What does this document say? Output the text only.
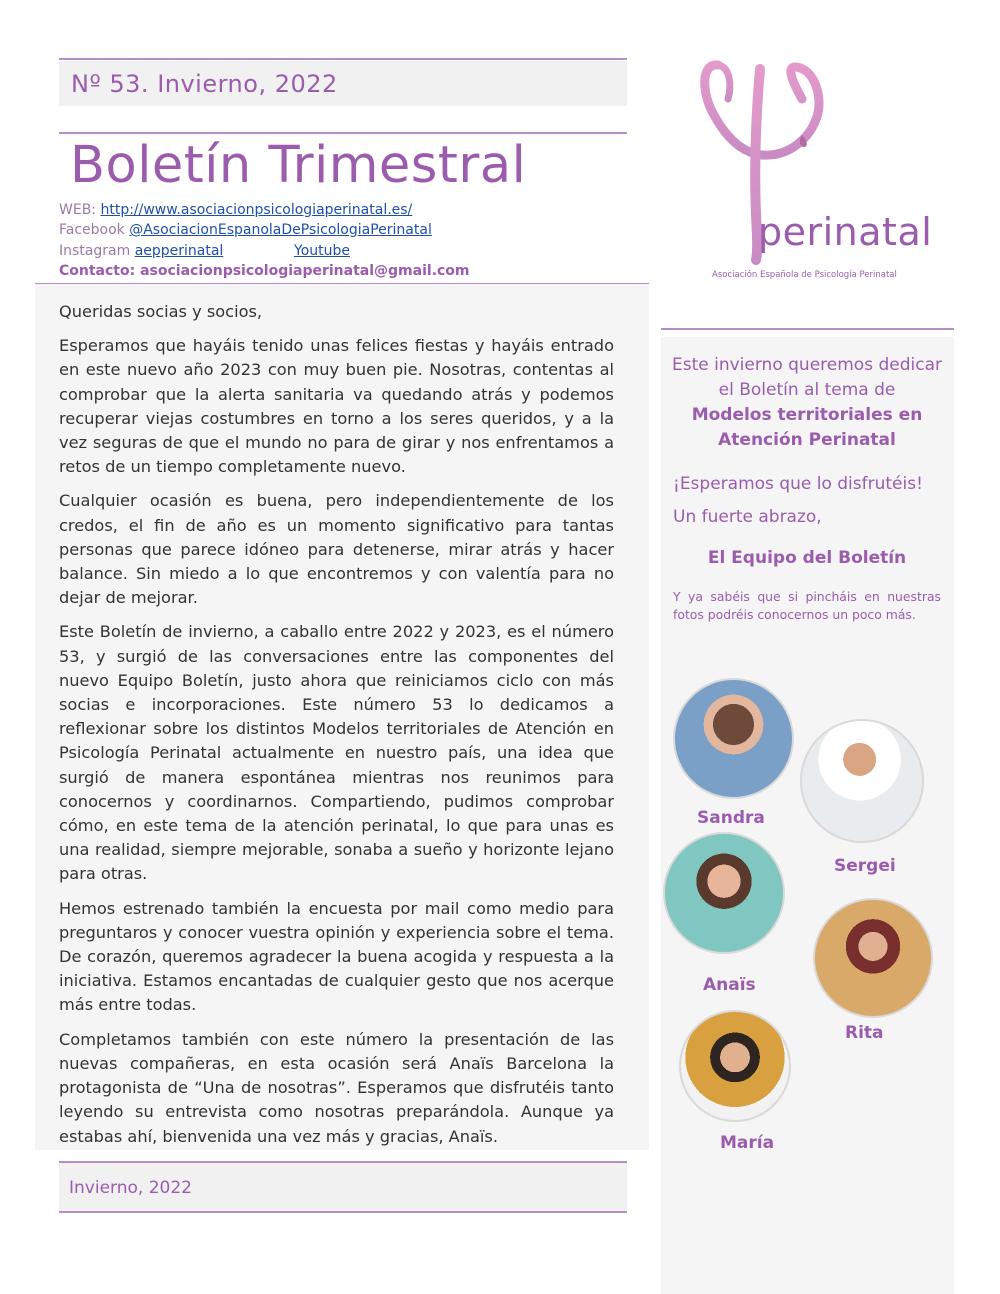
Nº 53. Invierno, 2022
Boletín Trimestral
WEB: http://www.asociacionpsicologiaperinatal.es/
Facebook @AsociacionEspanolaDePsicologiaPerinatal
Instagram aepperinatal	Youtube
Contacto: asociacionpsicologiaperinatal@gmail.com
perinatal
Asociación Española de Psicología Perinatal

Queridas socias y socios,

Esperamos que hayáis tenido unas felices fiestas y hayáis entrado en este nuevo año 2023 con muy buen pie. Nosotras, contentas al comprobar que la alerta sanitaria va quedando atrás y podemos recuperar viejas costumbres en torno a los seres queridos, y a la vez seguras de que el mundo no para de girar y nos enfrentamos a retos de un tiempo completamente nuevo.

Cualquier ocasión es buena, pero independientemente de los credos, el fin de año es un momento significativo para tantas personas que parece idóneo para detenerse, mirar atrás y hacer balance. Sin miedo a lo que encontremos y con valentía para no dejar de mejorar.

Este Boletín de invierno, a caballo entre 2022 y 2023, es el número 53, y surgió de las conversaciones entre las componentes del nuevo Equipo Boletín, justo ahora que reiniciamos ciclo con más socias e incorporaciones. Este número 53 lo dedicamos a reflexionar sobre los distintos Modelos territoriales de Atención en Psicología Perinatal actualmente en nuestro país, una idea que surgió de manera espontánea mientras nos reunimos para conocernos y coordinarnos. Compartiendo, pudimos comprobar cómo, en este tema de la atención perinatal, lo que para unas es una realidad, siempre mejorable, sonaba a sueño y horizonte lejano para otras.

Hemos estrenado también la encuesta por mail como medio para preguntaros y conocer vuestra opinión y experiencia sobre el tema. De corazón, queremos agradecer la buena acogida y respuesta a la iniciativa. Estamos encantadas de cualquier gesto que nos acerque más entre todas.

Completamos también con este número la presentación de las nuevas compañeras, en esta ocasión será Anaïs Barcelona la protagonista de “Una de nosotras”. Esperamos que disfrutéis tanto leyendo su entrevista como nosotras preparándola. Aunque ya estabas ahí, bienvenida una vez más y gracias, Anaïs.

Invierno, 2022
Este invierno queremos dedicar el Boletín al tema de
Modelos territoriales en Atención Perinatal
¡Esperamos que lo disfrutéis!
Un fuerte abrazo,
El Equipo del Boletín
Y ya sabéis que si pincháis en nuestras fotos podréis conocernos un poco más.
Sandra
Sergei
Anaïs
Rita
María
